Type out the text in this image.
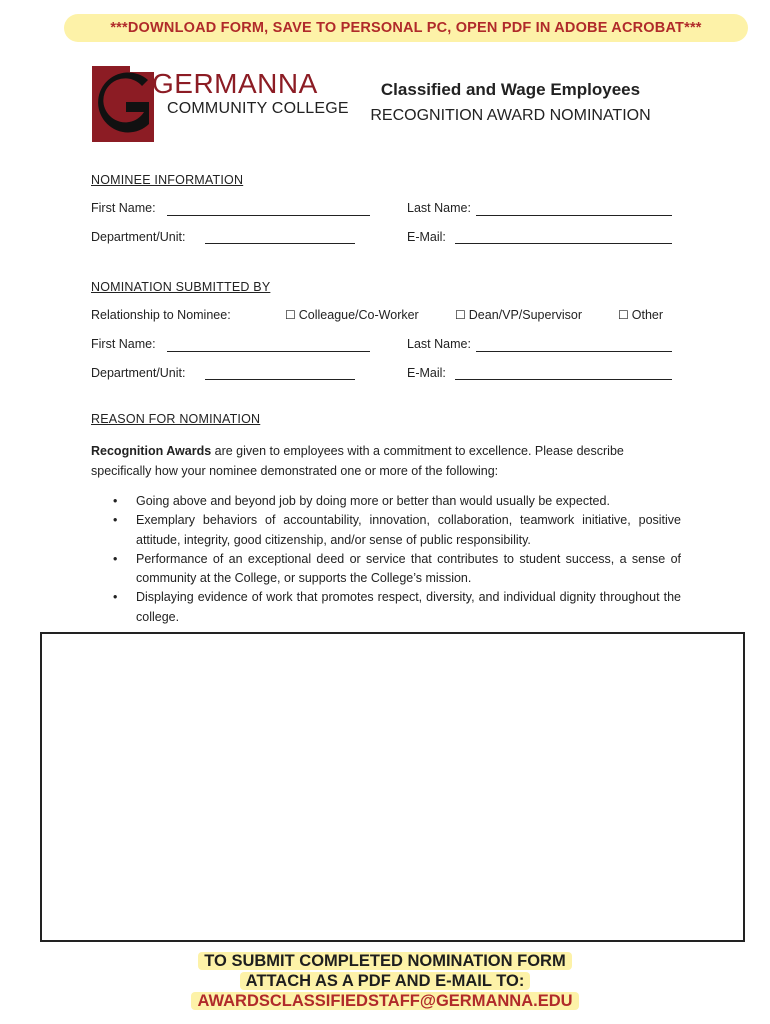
***DOWNLOAD FORM, SAVE TO PERSONAL PC, OPEN PDF IN ADOBE ACROBAT***
GERMANNA
COMMUNITY COLLEGE
Classified and Wage Employees
RECOGNITION AWARD NOMINATION
NOMINEE INFORMATION
First Name:	Last Name:
Department/Unit:	E-Mail:
NOMINATION SUBMITTED BY
Relationship to Nominee:	☐ Colleague/Co-Worker	☐ Dean/VP/Supervisor	☐ Other
First Name:	Last Name:
Department/Unit:	E-Mail:
REASON FOR NOMINATION
Recognition Awards are given to employees with a commitment to excellence. Please describe specifically how your nominee demonstrated one or more of the following:
• Going above and beyond job by doing more or better than would usually be expected.
• Exemplary behaviors of accountability, innovation, collaboration, teamwork initiative, positive attitude, integrity, good citizenship, and/or sense of public responsibility.
• Performance of an exceptional deed or service that contributes to student success, a sense of community at the College, or supports the College’s mission.
• Displaying evidence of work that promotes respect, diversity, and individual dignity throughout the college.
TO SUBMIT COMPLETED NOMINATION FORM
ATTACH AS A PDF AND E-MAIL TO:
AWARDSCLASSIFIEDSTAFF@GERMANNA.EDU
